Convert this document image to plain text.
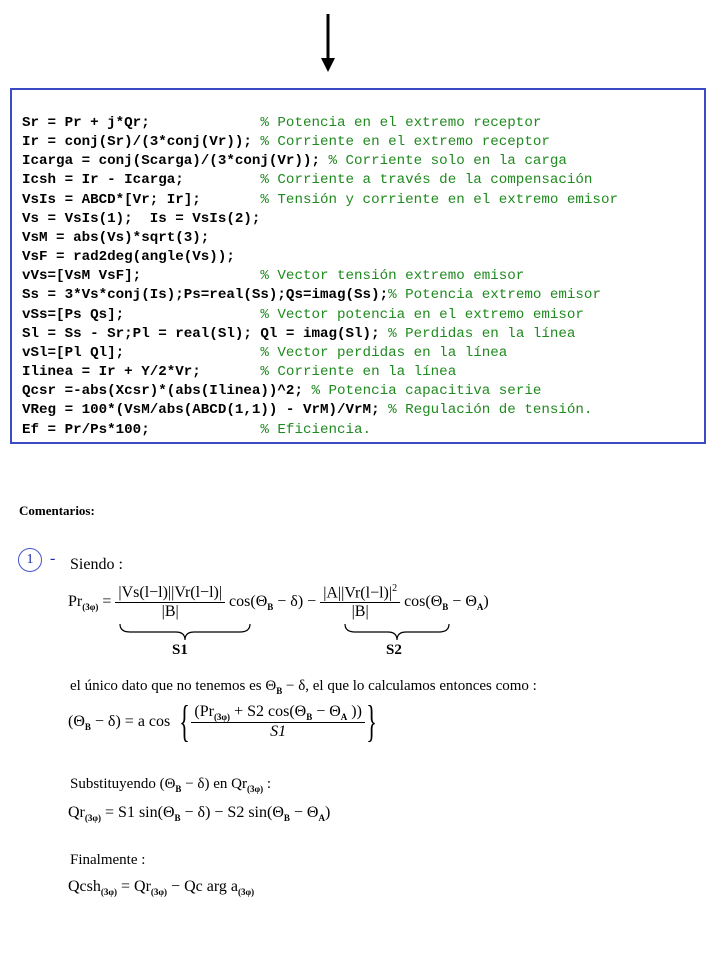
Sr = Pr + j*Qr;             % Potencia en el extremo receptor
Ir = conj(Sr)/(3*conj(Vr)); % Corriente en el extremo receptor
Icarga = conj(Scarga)/(3*conj(Vr)); % Corriente solo en la carga
Icsh = Ir - Icarga;         % Corriente a través de la compensación
VsIs = ABCD*[Vr; Ir];       % Tensión y corriente en el extremo emisor
Vs = VsIs(1);  Is = VsIs(2);
VsM = abs(Vs)*sqrt(3);
VsF = rad2deg(angle(Vs));
vVs=[VsM VsF];              % Vector tensión extremo emisor
Ss = 3*Vs*conj(Is);Ps=real(Ss);Qs=imag(Ss);% Potencia extremo emisor
vSs=[Ps Qs];                % Vector potencia en el extremo emisor
Sl = Ss - Sr;Pl = real(Sl); Ql = imag(Sl); % Perdidas en la línea
vSl=[Pl Ql];                % Vector perdidas en la línea
Ilinea = Ir + Y/2*Vr;       % Corriente en la línea
Qcsr =-abs(Xcsr)*(abs(Ilinea))^2; % Potencia capacitiva serie
VReg = 100*(VsM/abs(ABCD(1,1)) - VrM)/VrM; % Regulación de tensión.
Ef = Pr/Ps*100;             % Eficiencia.
Comentarios:
1	- Siendo :
$Pr_{(3\varphi)} = \frac{|Vs(l-l)||Vr(l-l)|}{|B|} \cos(\Theta_B - \delta) - \frac{|A||Vr(l-l)|^2}{|B|} \cos(\Theta_B - \Theta_A)$
S1	S2
el único dato que no tenemos es $\Theta_B - \delta$, el que lo calculamos entonces como :
$(\Theta_B - \delta) = a$ cos { $\frac{(Pr_{(3\varphi)} + S2 \cos(\Theta_B - \Theta_A ))}{S1}$ }
Substituyendo $(\Theta_B - \delta)$ en $Qr_{(3\varphi)}$ :
$Qr_{(3\varphi)} = S1$ $\sin(\Theta_B - \delta) - S2$ $\sin(\Theta_B - \Theta_A)$
Finalmente :
Qcsh$_{(3\varphi)}$ = $Qr_{(3\varphi)} - Qc$ arg $a_{(3\varphi)}$
